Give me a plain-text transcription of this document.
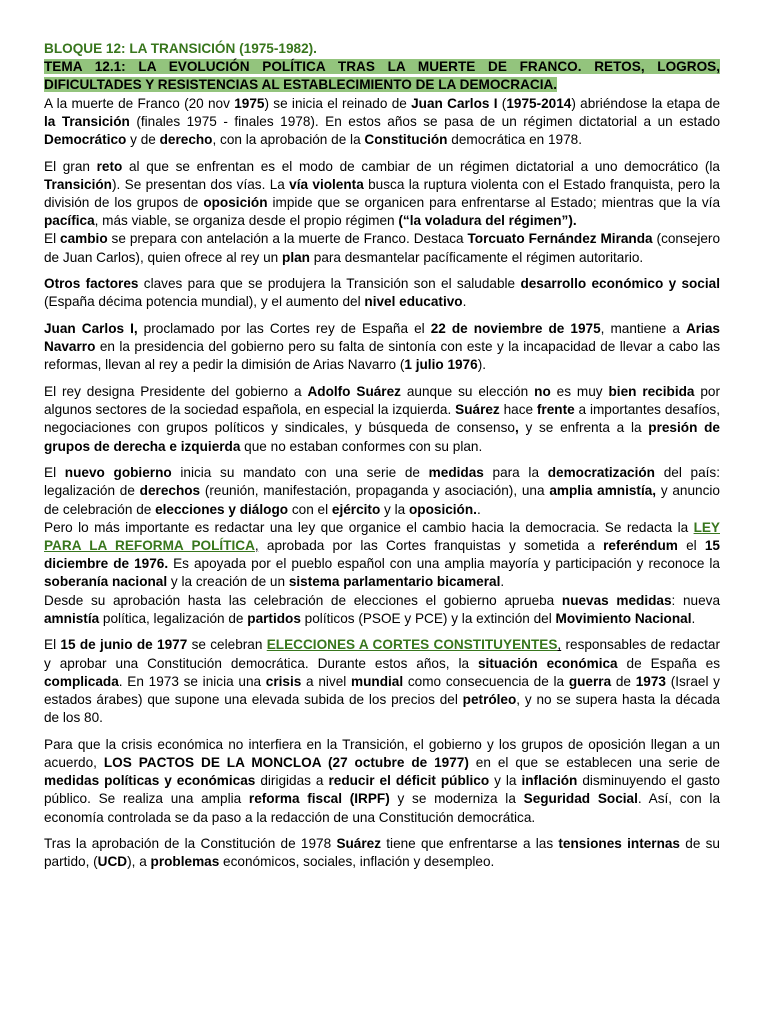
BLOQUE 12: LA TRANSICIÓN (1975-1982).

TEMA 12.1: LA EVOLUCIÓN POLÍTICA TRAS LA MUERTE DE FRANCO. RETOS, LOGROS, DIFICULTADES Y RESISTENCIAS AL ESTABLECIMIENTO DE LA DEMOCRACIA.

A la muerte de Franco (20 nov 1975) se inicia el reinado de Juan Carlos I (1975-2014) abriéndose la etapa de la Transición (finales 1975 - finales 1978). En estos años se pasa de un régimen dictatorial a un estado Democrático y de derecho, con la aprobación de la Constitución democrática en 1978.

El gran reto al que se enfrentan es el modo de cambiar de un régimen dictatorial a uno democrático (la Transición). Se presentan dos vías. La vía violenta busca la ruptura violenta con el Estado franquista, pero la división de los grupos de oposición impide que se organicen para enfrentarse al Estado; mientras que la vía pacífica, más viable, se organiza desde el propio régimen (“la voladura del régimen”).

El cambio se prepara con antelación a la muerte de Franco. Destaca Torcuato Fernández Miranda (consejero de Juan Carlos), quien ofrece al rey un plan para desmantelar pacíficamente el régimen autoritario.

Otros factores claves para que se produjera la Transición son el saludable desarrollo económico y social (España décima potencia mundial), y el aumento del nivel educativo.

Juan Carlos I, proclamado por las Cortes rey de España el 22 de noviembre de 1975, mantiene a Arias Navarro en la presidencia del gobierno pero su falta de sintonía con este y la incapacidad de llevar a cabo las reformas, llevan al rey a pedir la dimisión de Arias Navarro (1 julio 1976).

El rey designa Presidente del gobierno a Adolfo Suárez aunque su elección no es muy bien recibida por algunos sectores de la sociedad española, en especial la izquierda. Suárez hace frente a importantes desafíos, negociaciones con grupos políticos y sindicales, y búsqueda de consenso, y se enfrenta a la presión de grupos de derecha e izquierda que no estaban conformes con su plan.

El nuevo gobierno inicia su mandato con una serie de medidas para la democratización del país: legalización de derechos (reunión, manifestación, propaganda y asociación), una amplia amnistía, y anuncio de celebración de elecciones y diálogo con el ejército y la oposición..

Pero lo más importante es redactar una ley que organice el cambio hacia la democracia. Se redacta la LEY PARA LA REFORMA POLÍTICA, aprobada por las Cortes franquistas y sometida a referéndum el 15 diciembre de 1976. Es apoyada por el pueblo español con una amplia mayoría y participación y reconoce la soberanía nacional y la creación de un sistema parlamentario bicameral.

Desde su aprobación hasta las celebración de elecciones el gobierno aprueba nuevas medidas: nueva amnistía política, legalización de partidos políticos (PSOE y PCE) y la extinción del Movimiento Nacional.

El 15 de junio de 1977 se celebran ELECCIONES A CORTES CONSTITUYENTES, responsables de redactar y aprobar una Constitución democrática. Durante estos años, la situación económica de España es complicada. En 1973 se inicia una crisis a nivel mundial como consecuencia de la guerra de 1973 (Israel y estados árabes) que supone una elevada subida de los precios del petróleo, y no se supera hasta la década de los 80.

Para que la crisis económica no interfiera en la Transición, el gobierno y los grupos de oposición llegan a un acuerdo, LOS PACTOS DE LA MONCLOA (27 octubre de 1977) en el que se establecen una serie de medidas políticas y económicas dirigidas a reducir el déficit público y la inflación disminuyendo el gasto público. Se realiza una amplia reforma fiscal (IRPF) y se moderniza la Seguridad Social. Así, con la economía controlada se da paso a la redacción de una Constitución democrática.

Tras la aprobación de la Constitución de 1978 Suárez tiene que enfrentarse a las tensiones internas de su partido, (UCD), a problemas económicos, sociales, inflación y desempleo.
